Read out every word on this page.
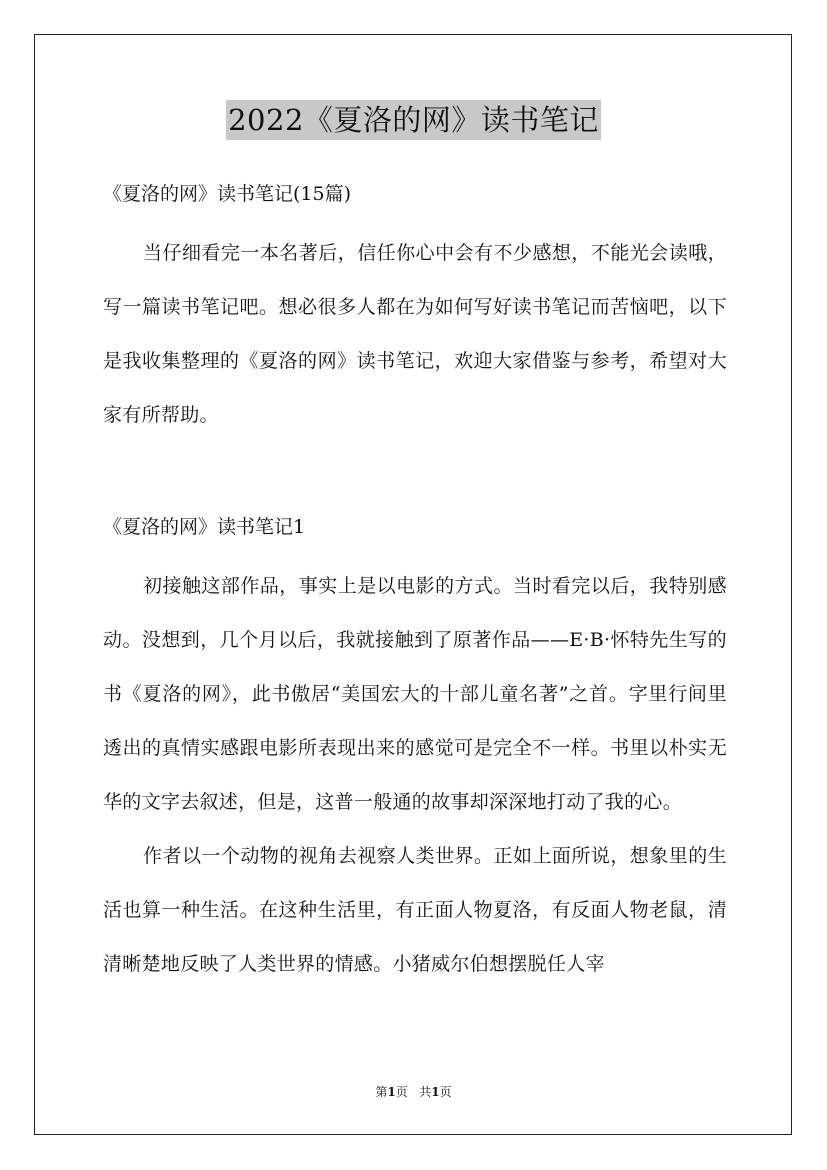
2022《夏洛的网》读书笔记

《夏洛的网》读书笔记(15篇)

当仔细看完一本名著后，信任你心中会有不少感想，不能光会读哦，写一篇读书笔记吧。想必很多人都在为如何写好读书笔记而苦恼吧，以下是我收集整理的《夏洛的网》读书笔记，欢迎大家借鉴与参考，希望对大家有所帮助。

《夏洛的网》读书笔记1

初接触这部作品，事实上是以电影的方式。当时看完以后，我特别感动。没想到，几个月以后，我就接触到了原著作品——E·B·怀特先生写的书《夏洛的网》，此书傲居“美国宏大的十部儿童名著”之首。字里行间里透出的真情实感跟电影所表现出来的感觉可是完全不一样。书里以朴实无华的文字去叙述，但是，这普一般通的故事却深深地打动了我的心。

作者以一个动物的视角去视察人类世界。正如上面所说，想象里的生活也算一种生活。在这种生活里，有正面人物夏洛，有反面人物老鼠，清清晰楚地反映了人类世界的情感。小猪威尔伯想摆脱任人宰

第1页 共1页
